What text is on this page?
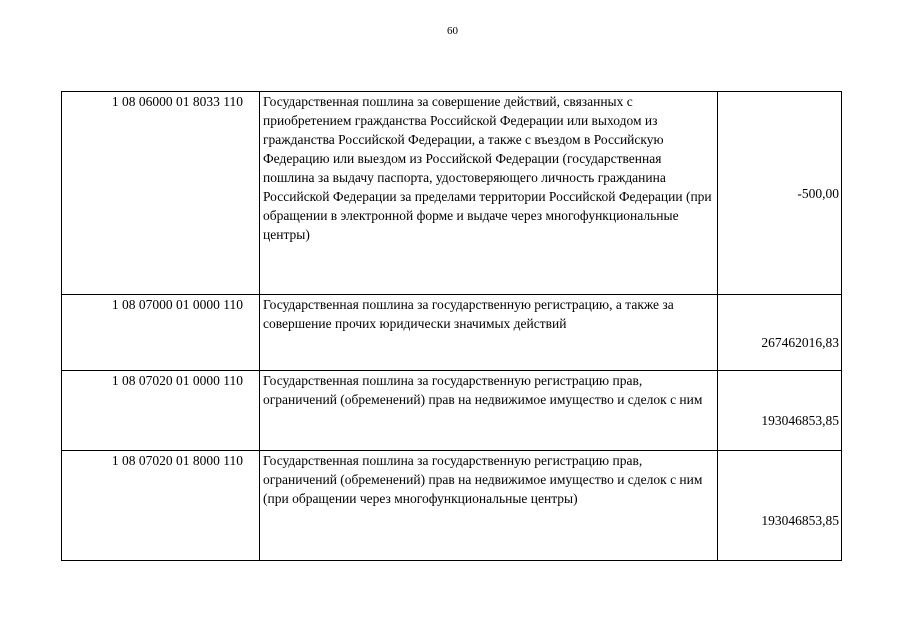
60
1 08 06000 01 8033 110	Государственная пошлина за совершение действий, связанных с приобретением гражданства Российской Федерации или выходом из гражданства Российской Федерации, а также с въездом в Российскую Федерацию или выездом из Российской Федерации (государственная пошлина за выдачу паспорта, удостоверяющего личность гражданина Российской Федерации за пределами территории Российской Федерации (при обращении в электронной форме и выдаче через многофункциональные центры)	-500,00
1 08 07000 01 0000 110	Государственная пошлина за государственную регистрацию, а также за совершение прочих юридически значимых действий	267462016,83
1 08 07020 01 0000 110	Государственная пошлина за государственную регистрацию прав, ограничений (обременений) прав на недвижимое имущество и сделок с ним	193046853,85
1 08 07020 01 8000 110	Государственная пошлина за государственную регистрацию прав, ограничений (обременений) прав на недвижимое имущество и сделок с ним (при обращении через многофункциональные центры)	193046853,85
